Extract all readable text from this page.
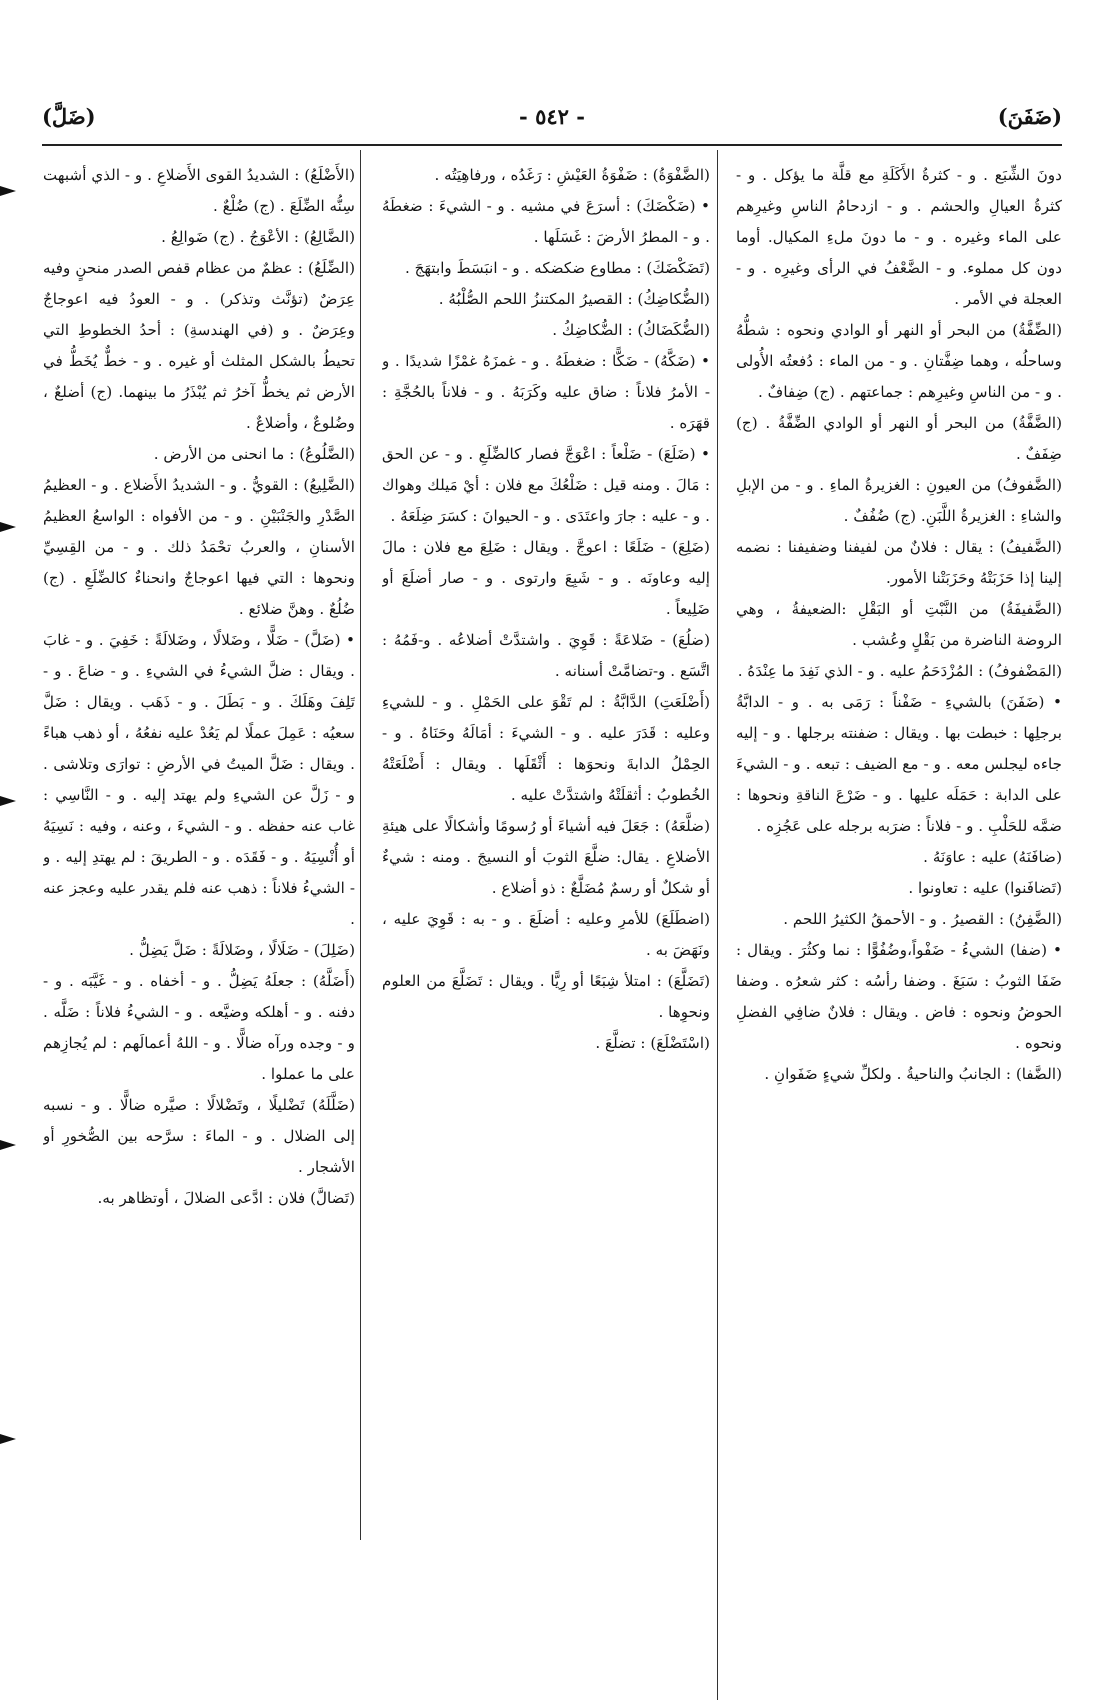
(ضَفَنَ)
- ٥٤٢ -
(ضَلَّ)

دونَ الشِّبَع . و - كثرةُ الأَكَلَةِ مع قلَّة ما يؤكل . و - كثرةُ العيالِ والحشم . و - ازدحامُ الناسِ وغيرِهم على الماء وغيره . و - ما دونَ ملءِ المكيال. أوما دون كل مملوء. و - الضَّعْفُ في الرأى وغيرِه . و - العجلة في الأمر .

(الضِّفَّةُ) من البحر أو النهر أو الوادي ونحوه : شطُّهُ وساحلُه ، وهما ضِفَّتانِ . و - من الماء : دُفعتُه الأُولى . و - من الناسِ وغيرِهم : جماعتهم . (ج) ضِفافٌ .

(الضَّفَّةُ) من البحر أو النهر أو الوادي الضِّفَّةُ . (ج) ضِفَفٌ .

(الضَّفوفُ) من العيونِ : الغزيرةُ الماءِ . و - من الإبلِ والشاءِ : الغزيرةُ اللَّبَنِ. (ج) ضُفُفٌ .

(الضَّفيفُ) : يقال : فلانٌ من لفيفنا وضفيفنا : نضمه إلينا إذا حَزَبَتْهُ وحَزَبَتْنا الأمور.

(الضَّفيفَةُ) من النَّبْتِ أو البَقْلِ :الضعيفةُ ، وهي الروضة الناضرة من بَقْلٍ وعُشب .

(المَضْفوفُ) : المُزْدَحَمُ عليه . و - الذي نَفِدَ ما عِنْدَهُ .

• (ضَفَنَ) بالشيءِ - ضَفْناً : رَمَى به . و - الدابَّةُ برجلِها : خبطت بها . ويقال : ضفنته برجلها . و - إليه جاءه ليجلس معه . و - مع الضيف : تبعه . و - الشيءَ على الدابة : حَمَلَه عليها . و - ضَرْعَ الناقةِ ونحوها : ضمَّه للحَلْبِ . و - فلاناً : ضرَبه برجله على عَجُزِه .

(ضافَنَهُ) عليه : عاوَنَهُ .

(تَضافَنوا) عليه : تعاونوا .

(الضَّفِنُ) : القصيرُ . و - الأحمقُ الكثيرُ اللحم .

• (ضفا) الشيءُ - ضَفْواً،وضُفُوًّا : نما وكثُرَ . ويقال : ضَفَا الثوبُ : سَبَغَ . وضفا رأسُه : كثر شعرُه . وضفا الحوضُ ونحوه : فاض . ويقال : فلانٌ ضافِي الفضلِ ونحوه .

(الضَّفا) : الجانبُ والناحيةُ . ولكلِّ شيءٍ ضَفَوانِ .

(الضَّفْوَةُ) : ضَفْوَةُ العَيْشِ : رَغَدُه ، ورفاهِيَتُه .

• (ضَكْضَكَ) : أسرَعَ في مشيه . و - الشيءَ : ضغطَهُ . و - المطرُ الأرضَ : غَسَلَها .

(تَضَكْضَكَ) : مطاوع ضكضكه . و - انبَسَطَ وابتهَجَ .

(الضُّكاضِكُ) : القصيرُ المكتنزُ اللحم الصُّلْبُهُ .

(الضُّكَضَاكُ) : الضُّكاضِكُ .

• (ضَكَّهُ) - ضَكًّا : ضغطَهُ . و - غمزَهُ غمْزًا شديدًا . و - الأمرُ فلاناً : ضاق عليه وكَرَبَهُ . و - فلاناً بالحُجَّةِ : قهَرَه .

• (ضَلَعَ) - ضَلْعاً : اعْوَجَّ فصار كالضِّلَعِ . و - عن الحق : مَالَ . ومنه قيل : ضَلْعُكَ مع فلان : أيْ مَيلك وهواك . و - عليه : جارَ واعتَدَى . و - الحيوانَ : كسَرَ ضِلَعَهُ .

(ضَلِعَ) - ضَلَعًا : اعوجَّ . ويقال : ضَلِعَ مع فلان : مالَ إليه وعاونَه . و - شَبِعَ وارتوى . و - صار أضلَعَ أو ضَلِيعاً .

(ضلُعَ) - ضَلاعَةً : قَوِيَ . واشتدَّتْ أضلاعُه . و-فَمُهُ : اتَّسَع . و-تضامَّتْ أسنانه .

(أَضْلَعَتِ) الدَّابَّةُ : لم تَقْوَ على الحَمْلِ . و - للشيءِ وعليه : قَدَرَ عليه . و - الشيءَ : أمَالَهُ وحَنَاهُ . و - الحِمْلُ الدابةَ ونحوَها : أَثْقَلَها . ويقال : أَضْلَعَتْهُ الخُطوبُ : أثقلَتْهُ واشتدَّتْ عليه .

(ضلَّعَهُ) : جَعَلَ فيه أشياءَ أو رُسومًا وأشكالًا على هيئةِ الأضلاعِ . يقال: ضلَّعَ الثوبَ أو النسيجَ . ومنه : شيءٌ أو شكلٌ أو رسمٌ مُضَلَّعٌ : ذو أضلاع .

(اضطَلَعَ) للأمرِ وعليه : أضلَعَ . و - به : قَوِيَ عليه ، ونَهَضَ به .

(تَضَلَّعَ) : امتلأ شِبَعًا أو رِيًّا . ويقال : تَضَلَّعَ من العلوم ونحوِها .

(اسْتَضْلَعَ) : تضلَّعَ .

(الأَضْلَعُ) : الشديدُ القوى الأَضلاعِ . و - الذي أشبهت سِنُّه الضِّلَعَ . (ج) ضُلْعٌ .

(الضَّالِعُ) : الأعْوَجُ . (ج) ضَوالِعُ .

(الضِّلَعُ) : عظمٌ من عظام قفص الصدر منحنٍ وفيه عِرَضٌ (تؤنَّث وتذكر) . و - العودُ فيه اعوجاجٌ وعِرَضٌ . و (في الهندسةِ) : أحدُ الخطوطِ التي تحيطُ بالشكل المثلث أو غيره . و - خطٌّ يُخَطُّ في الأرض ثم يخطُّ آخرُ ثم يُبْذَرُ ما بينهما. (ج) أضلعٌ ، وضُلوعٌ ، وأضلاعٌ .

(الضَّلُوعُ) : ما انحنى من الأرض .

(الضَّلِيعُ) : القويُّ . و - الشديدُ الأَضلاع . و - العظيمُ الصَّدْرِ والجَنْبَيْنِ . و - من الأفواه : الواسعُ العظيمُ الأسنانِ ، والعربُ تحْمَدُ ذلك . و - من القِسِيِّ ونحوها : التي فيها اعوجاجٌ وانحناءٌ كالضِّلَعِ . (ج) ضُلُعٌ . وهنَّ ضلائع .

• (ضَلَّ) - ضَلًّا ، وضَلالًا ، وضَلالَةً : خَفِيَ . و - غابَ . ويقال : ضلَّ الشيءُ في الشيءِ . و - ضاعَ . و - تَلِفَ وهَلَكَ . و - بَطَلَ . و - ذَهَب . ويقال : ضَلَّ سعيُه : عَمِلَ عملًا لم يَعُدْ عليه نفعُهُ ، أو ذهب هباءً . ويقال : ضَلَّ الميتُ في الأرضِ : توارَى وتلاشى . و - زَلَّ عن الشيءِ ولم يهتد إليه . و - النَّاسِي : غاب عنه حفظه . و - الشيءَ ، وعنه ، وفيه : نَسِيَهُ أو أُنْسِيَهُ . و - فَقَدَه . و - الطريقَ : لم يهتدِ إليه . و - الشيءُ فلاناً : ذهب عنه فلم يقدر عليه وعجز عنه .

(ضَلِلَ) - ضَلَالًا ، وضَلالَةً : ضَلَّ يَضِلُّ .

(أَضَلَّهُ) : جعلَهُ يَضِلُّ . و - أخفاه . و - غَيَّبَه . و - دفنه . و - أهلكه وضيَّعه . و - الشيءُ فلاناً : ضَلَّه . و - وجده ورآه ضالًّا . و - اللهُ أعمالَهم : لم يُجازِهم على ما عملوا .

(ضَلَّلَهُ) تَضْليلًا ، وتَضْلالًا : صيَّره ضالًّا . و - نسبه إلى الضلال . و - الماءَ : سرَّحه بين الصُّخورِ أو الأشجار .

(تَضالَّ) فلان : ادَّعى الضلالَ ، أوتظاهر به.
